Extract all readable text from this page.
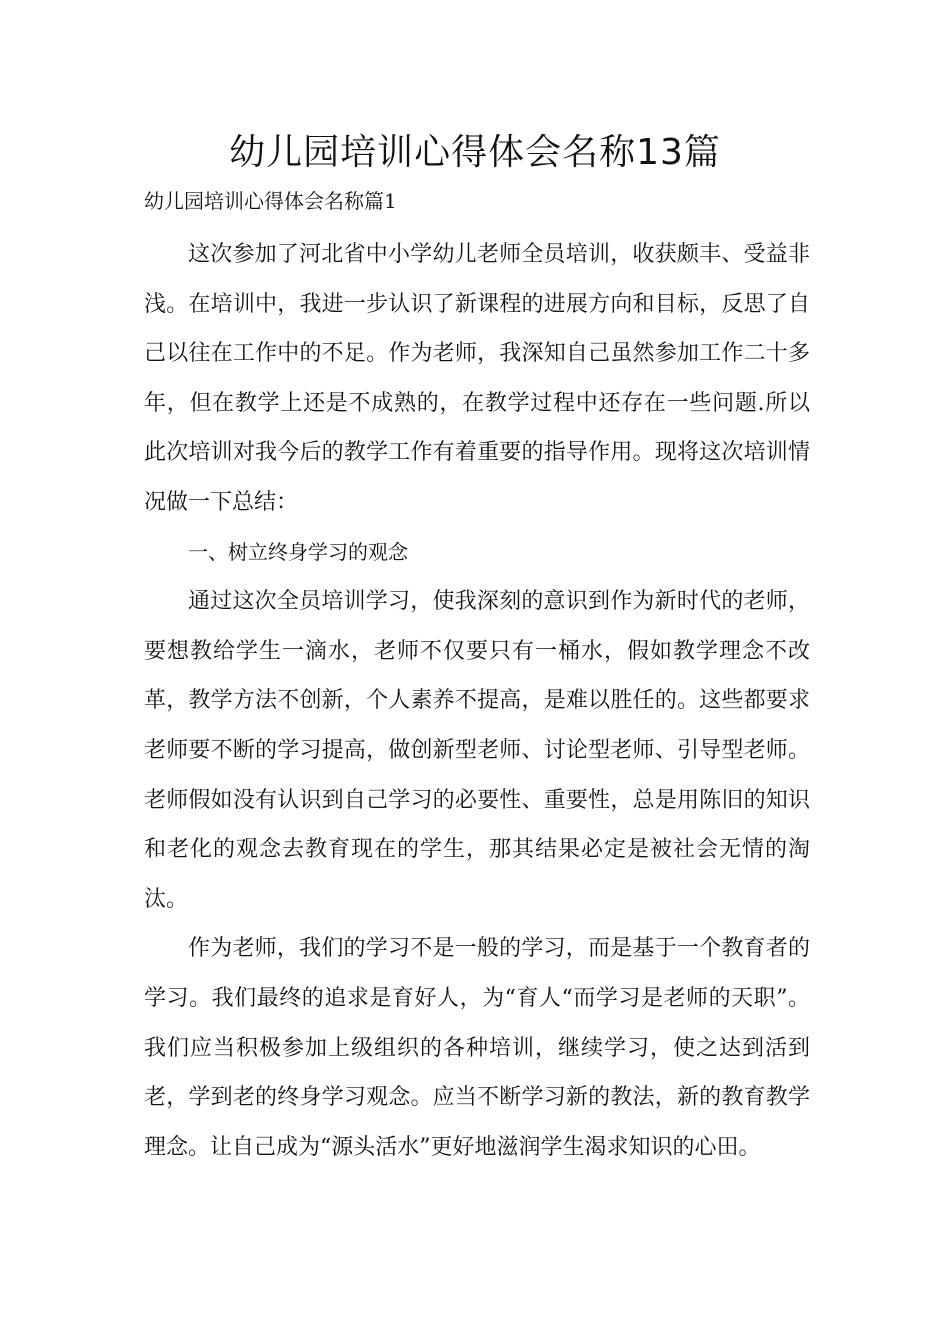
幼儿园培训心得体会名称13篇

幼儿园培训心得体会名称篇1

这次参加了河北省中小学幼儿老师全员培训，收获颇丰、受益非浅。在培训中，我进一步认识了新课程的进展方向和目标，反思了自己以往在工作中的不足。作为老师，我深知自己虽然参加工作二十多年，但在教学上还是不成熟的，在教学过程中还存在一些问题.所以此次培训对我今后的教学工作有着重要的指导作用。现将这次培训情况做一下总结：

一、树立终身学习的观念

通过这次全员培训学习，使我深刻的意识到作为新时代的老师，要想教给学生一滴水，老师不仅要只有一桶水，假如教学理念不改革，教学方法不创新，个人素养不提高，是难以胜任的。这些都要求老师要不断的学习提高，做创新型老师、讨论型老师、引导型老师。老师假如没有认识到自己学习的必要性、重要性，总是用陈旧的知识和老化的观念去教育现在的学生，那其结果必定是被社会无情的淘汰。

作为老师，我们的学习不是一般的学习，而是基于一个教育者的学习。我们最终的追求是育好人，为“育人“而学习是老师的天职”。我们应当积极参加上级组织的各种培训，继续学习，使之达到活到老，学到老的终身学习观念。应当不断学习新的教法，新的教育教学理念。让自己成为“源头活水”更好地滋润学生渴求知识的心田。
